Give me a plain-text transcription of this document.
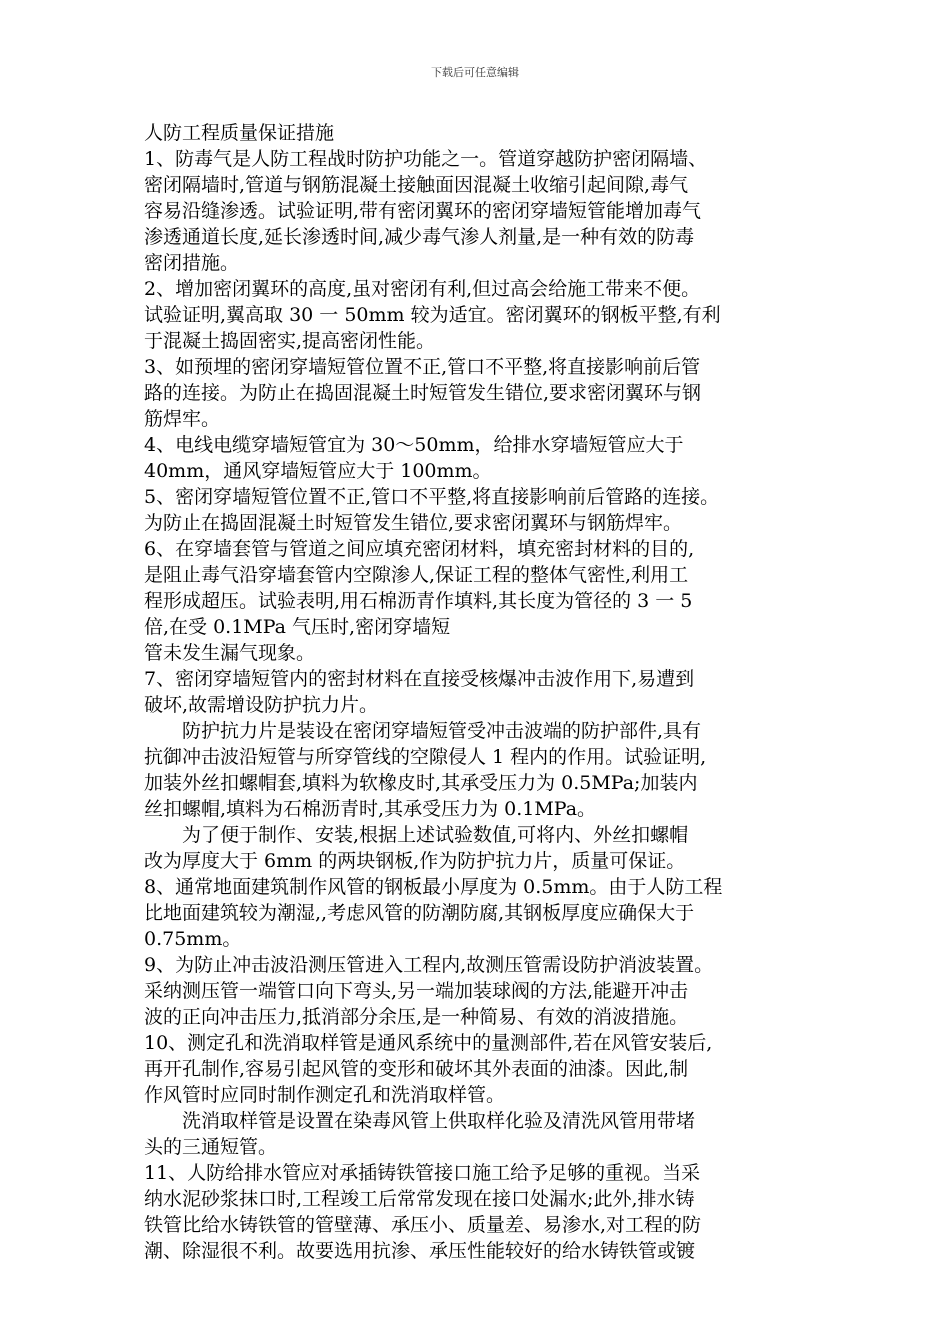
下载后可任意编辑
人防工程质量保证措施
1、防毒气是人防工程战时防护功能之一。管道穿越防护密闭隔墙、
密闭隔墙时,管道与钢筋混凝土接触面因混凝土收缩引起间隙,毒气
容易沿缝渗透。试验证明,带有密闭翼环的密闭穿墙短管能增加毒气
渗透通道长度,延长渗透时间,减少毒气渗人剂量,是一种有效的防毒
密闭措施。
2、增加密闭翼环的高度,虽对密闭有利,但过高会给施工带来不便。
试验证明,翼高取 30 一 50mm 较为适宜。密闭翼环的钢板平整,有利
于混凝土捣固密实,提高密闭性能。
3、如预埋的密闭穿墙短管位置不正,管口不平整,将直接影响前后管
路的连接。为防止在捣固混凝土时短管发生错位,要求密闭翼环与钢
筋焊牢。
4、电线电缆穿墙短管宜为 30～50mm，给排水穿墙短管应大于
40mm，通风穿墙短管应大于 100mm。
5、密闭穿墙短管位置不正,管口不平整,将直接影响前后管路的连接。
为防止在捣固混凝土时短管发生错位,要求密闭翼环与钢筋焊牢。
6、在穿墙套管与管道之间应填充密闭材料，填充密封材料的目的,
是阻止毒气沿穿墙套管内空隙渗人,保证工程的整体气密性,利用工
程形成超压。试验表明,用石棉沥青作填料,其长度为管径的 3 一 5
倍,在受 0.1MPa 气压时,密闭穿墙短
管未发生漏气现象。
7、密闭穿墙短管内的密封材料在直接受核爆冲击波作用下,易遭到
破坏,故需增设防护抗力片。
防护抗力片是装设在密闭穿墙短管受冲击波端的防护部件,具有
抗御冲击波沿短管与所穿管线的空隙侵人 1 程内的作用。试验证明,
加装外丝扣螺帽套,填料为软橡皮时,其承受压力为 0.5MPa;加装内
丝扣螺帽,填料为石棉沥青时,其承受压力为 0.1MPa。
为了便于制作、安装,根据上述试验数值,可将内、外丝扣螺帽
改为厚度大于 6mm 的两块钢板,作为防护抗力片，质量可保证。
8、通常地面建筑制作风管的钢板最小厚度为 0.5mm。由于人防工程
比地面建筑较为潮湿,,考虑风管的防潮防腐,其钢板厚度应确保大于
0.75mm。
9、为防止冲击波沿测压管进入工程内,故测压管需设防护消波装置。
采纳测压管一端管口向下弯头,另一端加装球阀的方法,能避开冲击
波的正向冲击压力,抵消部分余压,是一种简易、有效的消波措施。
10、测定孔和洗消取样管是通风系统中的量测部件,若在风管安装后,
再开孔制作,容易引起风管的变形和破坏其外表面的油漆。因此,制
作风管时应同时制作测定孔和洗消取样管。
洗消取样管是设置在染毒风管上供取样化验及清洗风管用带堵
头的三通短管。
11、人防给排水管应对承插铸铁管接口施工给予足够的重视。当采
纳水泥砂浆抹口时,工程竣工后常常发现在接口处漏水;此外,排水铸
铁管比给水铸铁管的管壁薄、承压小、质量差、易渗水,对工程的防
潮、除湿很不利。故要选用抗渗、承压性能较好的给水铸铁管或镀
